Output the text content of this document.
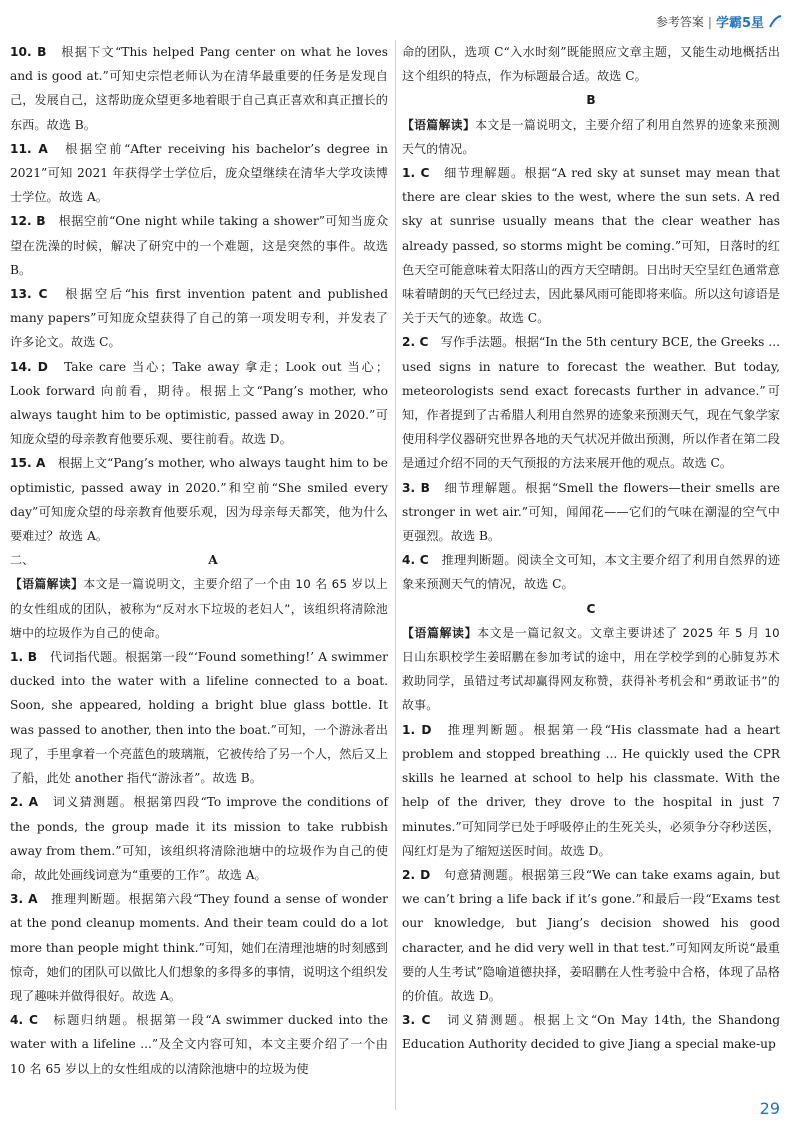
参考答案 | 学霸5星

10. B　 根据下文“This helped Pang center on what he loves and is good at.”可知史宗恺老师认为在清华最重要的任务是发现自己，发展自己，这帮助庞众望更多地着眼于自己真正喜欢和真正擅长的东西。故选 B。

11. A　 根据空前“After receiving his bachelor’s degree in 2021”可知 2021 年获得学士学位后，庞众望继续在清华大学攻读博士学位。故选 A。

12. B　 根据空前“One night while taking a shower”可知当庞众望在洗澡的时候，解决了研究中的一个难题，这是突然的事件。故选 B。

13. C　 根据空后“his first invention patent and published many papers”可知庞众望获得了自己的第一项发明专利，并发表了许多论文。故选 C。

14. D　 Take care 当心；Take away 拿走；Look out 当心；Look forward 向前看，期待。根据上文“Pang’s mother, who always taught him to be optimistic, passed away in 2020.”可知庞众望的母亲教育他要乐观、要往前看。故选 D。

15. A　 根据上文“Pang’s mother, who always taught him to be optimistic, passed away in 2020.”和空前“She smiled every day”可知庞众望的母亲教育他要乐观，因为母亲每天都笑，他为什么要难过？故选 A。

二、	A

【语篇解读】本文是一篇说明文，主要介绍了一个由 10 名 65 岁以上的女性组成的团队，被称为“反对水下垃圾的老妇人”，该组织将清除池塘中的垃圾作为自己的使命。

1. B　 代词指代题。根据第一段“‘Found something!’ A swimmer ducked into the water with a lifeline connected to a boat. Soon, she appeared, holding a bright blue glass bottle. It was passed to another, then into the boat.”可知，一个游泳者出现了，手里拿着一个亮蓝色的玻璃瓶，它被传给了另一个人，然后又上了船，此处 another 指代“游泳者”。故选 B。

2. A　 词义猜测题。根据第四段“To improve the conditions of the ponds, the group made it its mission to take rubbish away from them.”可知，该组织将清除池塘中的垃圾作为自己的使命，故此处画线词意为“重要的工作”。故选 A。

3. A　 推理判断题。根据第六段“They found a sense of wonder at the pond cleanup moments. And their team could do a lot more than people might think.”可知，她们在清理池塘的时刻感到惊奇，她们的团队可以做比人们想象的多得多的事情，说明这个组织发现了趣味并做得很好。故选 A。

4. C　 标题归纳题。根据第一段“A swimmer ducked into the water with a lifeline ...”及全文内容可知，本文主要介绍了一个由 10 名 65 岁以上的女性组成的以清除池塘中的垃圾为使

命的团队，选项 C“入水时刻”既能照应文章主题，又能生动地概括出这个组织的特点，作为标题最合适。故选 C。

B

【语篇解读】本文是一篇说明文，主要介绍了利用自然界的迹象来预测天气的情况。

1. C　 细节理解题。根据“A red sky at sunset may mean that there are clear skies to the west, where the sun sets. A red sky at sunrise usually means that the clear weather has already passed, so storms might be coming.”可知，日落时的红色天空可能意味着太阳落山的西方天空晴朗。日出时天空呈红色通常意味着晴朗的天气已经过去，因此暴风雨可能即将来临。所以这句谚语是关于天气的迹象。故选 C。

2. C　 写作手法题。根据“In the 5th century BCE, the Greeks ... used signs in nature to forecast the weather. But today, meteorologists send exact forecasts further in advance.”可知，作者提到了古希腊人利用自然界的迹象来预测天气，现在气象学家使用科学仪器研究世界各地的天气状况并做出预测，所以作者在第二段是通过介绍不同的天气预报的方法来展开他的观点。故选 C。

3. B　 细节理解题。根据“Smell the flowers—their smells are stronger in wet air.”可知，闻闻花——它们的气味在潮湿的空气中更强烈。故选 B。

4. C　 推理判断题。阅读全文可知，本文主要介绍了利用自然界的迹象来预测天气的情况，故选 C。

C

【语篇解读】本文是一篇记叙文。文章主要讲述了 2025 年 5 月 10 日山东职校学生姜昭鹏在参加考试的途中，用在学校学到的心肺复苏术救助同学，虽错过考试却赢得网友称赞，获得补考机会和“勇敢证书”的故事。

1. D　 推理判断题。根据第一段“His classmate had a heart problem and stopped breathing ... He quickly used the CPR skills he learned at school to help his classmate. With the help of the driver, they drove to the hospital in just 7 minutes.”可知同学已处于呼吸停止的生死关头，必须争分夺秒送医，闯红灯是为了缩短送医时间。故选 D。

2. D　 句意猜测题。根据第三段“We can take exams again, but we can’t bring a life back if it’s gone.”和最后一段“Exams test our knowledge, but Jiang’s decision showed his good character, and he did very well in that test.”可知网友所说“最重要的人生考试”隐喻道德抉择，姜昭鹏在人性考验中合格，体现了品格的价值。故选 D。

3. C　 词义猜测题。根据上文“On May 14th, the Shandong Education Authority decided to give Jiang a special make-up

29
